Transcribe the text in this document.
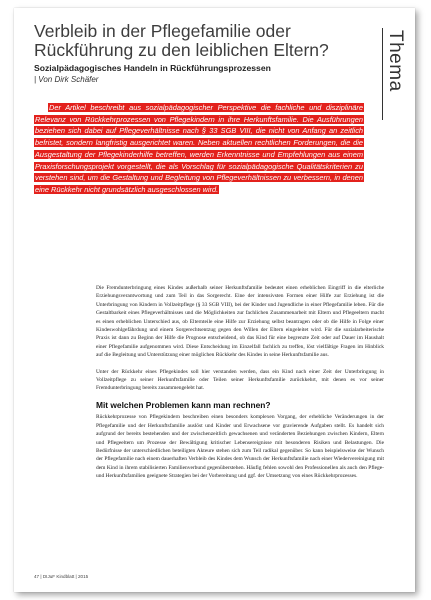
Verbleib in der Pflegefamilie oder Rückführung zu den leiblichen Eltern?
Sozialpädagogisches Handeln in Rückführungsprozessen
| Von Dirk Schäfer	Thema
Der Artikel beschreibt aus sozialpädagogischer Perspektive die fachliche und disziplinäre Relevanz von Rückkehrprozessen von Pflegekindern in ihre Herkunftsfamilie. Die Ausführungen beziehen sich dabei auf Pflegeverhältnisse nach § 33 SGB VIII, die nicht von Anfang an zeitlich befristet, sondern langfristig ausgerichtet waren. Neben aktuellen rechtlichen Forderungen, die die Ausgestaltung der Pflegekinderhilfe betreffen, werden Erkenntnisse und Empfehlungen aus einem Praxisforschungsprojekt vorgestellt, die als Vorschlag für sozialpädagogische Qualitätskriterien zu verstehen sind, um die Gestaltung und Begleitung von Pflegeverhältnissen zu verbessern, in denen eine Rückkehr nicht grundsätzlich ausgeschlossen wird.

Die Fremdunterbringung eines Kindes außerhalb seiner Herkunftsfamilie bedeutet einen erheblichen Eingriff in die elterliche Erziehungsverantwortung und zum Teil in das Sorgerecht. Eine der intensivsten Formen einer Hilfe zur Erziehung ist die Unterbringung von Kindern in Vollzeitpflege (§ 33 SGB VIII), bei der Kinder und Jugendliche in einer Pflegefamilie leben. Für die Gestaltbarkeit eines Pflegeverhältnisses und die Möglichkeiten zur fachlichen Zusammenarbeit mit Eltern und Pflegeeltern macht es einen erheblichen Unterschied aus, ob Elternteile eine Hilfe zur Erziehung selbst beantragen oder ob die Hilfe in Folge einer Kindeswohlgefährdung und einem Sorgerechtsentzug gegen den Willen der Eltern eingeleitet wird. Für die sozialarbeiterische Praxis ist dann zu Beginn der Hilfe die Prognose entscheidend, ob das Kind für eine begrenzte Zeit oder auf Dauer im Haushalt einer Pflegefamilie aufgenommen wird. Diese Entscheidung im Einzelfall fachlich zu treffen, löst vielfältige Fragen im Hinblick auf die Begleitung und Unterstützung einer möglichen Rückkehr des Kindes in seine Herkunftsfamilie aus.

Unter der Rückkehr eines Pflegekindes soll hier verstanden werden, dass ein Kind nach einer Zeit der Unterbringung in Vollzeitpflege zu seiner Herkunftsfamilie oder Teilen seiner Herkunftsfamilie zurückkehrt, mit denen es vor seiner Fremdunterbringung bereits zusammengelebt hat.

Mit welchen Problemen kann man rechnen?

Rückkehrprozesse von Pflegekindern beschreiben einen besonders komplexen Vorgang, der erhebliche Veränderungen in der Pflegefamilie und der Herkunftsfamilie auslöst und Kinder und Erwachsene vor gravierende Aufgaben stellt. Es handelt sich aufgrund der bereits bestehenden und der zwischenzeitlich gewachsenen und veränderten Beziehungen zwischen Kindern, Eltern und Pflegeeltern um Prozesse der Bewältigung kritischer Lebensereignisse mit besonderen Risiken und Belastungen. Die Bedürfnisse der unterschiedlichen beteiligten Akteure stehen sich zum Teil radikal gegenüber. So kann beispielsweise der Wunsch der Pflegefamilie nach einem dauerhaften Verbleib des Kindes dem Wunsch der Herkunftsfamilie nach einer Wiedervereinigung mit dem Kind in ihrem stabilisierten Familienverbund gegenüberstehen. Häufig fehlen sowohl den Professionellen als auch den Pflege- und Herkunftsfamilien geeignete Strategien bei der Vorbereitung und ggf. der Umsetzung von eines Rückkehrprozesses.

47 | DIJuF Kindblatt | 2015
